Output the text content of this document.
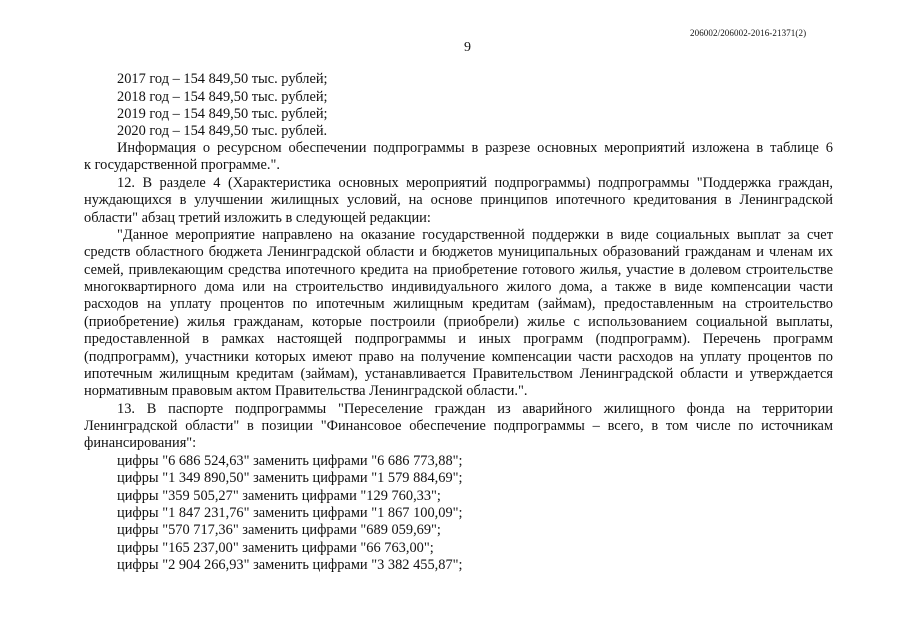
206002/206002-2016-21371(2)
9
2017 год – 154 849,50 тыс. рублей;
2018 год – 154 849,50 тыс. рублей;
2019 год – 154 849,50 тыс. рублей;
2020 год – 154 849,50 тыс. рублей.
Информация о ресурсном обеспечении подпрограммы в разрезе основных мероприятий изложена в таблице 6
к государственной программе.".
12. В разделе 4 (Характеристика основных мероприятий подпрограммы) подпрограммы "Поддержка граждан,
нуждающихся в улучшении жилищных условий, на основе принципов ипотечного кредитования в Ленинградской
области" абзац третий изложить в следующей редакции:
"Данное мероприятие направлено на оказание государственной поддержки в виде социальных выплат за счет
средств областного бюджета Ленинградской области и бюджетов муниципальных образований гражданам и членам их
семей, привлекающим средства ипотечного кредита на приобретение готового жилья, участие в долевом строительстве
многоквартирного дома или на строительство индивидуального жилого дома, а также в виде компенсации части
расходов на уплату процентов по ипотечным жилищным кредитам (займам), предоставленным на строительство
(приобретение) жилья гражданам, которые построили (приобрели) жилье с использованием социальной выплаты,
предоставленной в рамках настоящей подпрограммы и иных программ (подпрограмм). Перечень программ
(подпрограмм), участники которых имеют право на получение компенсации части расходов на уплату процентов по
ипотечным жилищным кредитам (займам), устанавливается Правительством Ленинградской области и утверждается
нормативным правовым актом Правительства Ленинградской области.".
13. В паспорте подпрограммы "Переселение граждан из аварийного жилищного фонда на территории
Ленинградской области" в позиции "Финансовое обеспечение подпрограммы – всего, в том числе по источникам
финансирования":
цифры "6 686 524,63" заменить цифрами "6 686 773,88";
цифры "1 349 890,50" заменить цифрами "1 579 884,69";
цифры "359 505,27" заменить цифрами "129 760,33";
цифры "1 847 231,76" заменить цифрами "1 867 100,09";
цифры "570 717,36" заменить цифрами "689 059,69";
цифры "165 237,00" заменить цифрами "66 763,00";
цифры "2 904 266,93" заменить цифрами "3 382 455,87";
